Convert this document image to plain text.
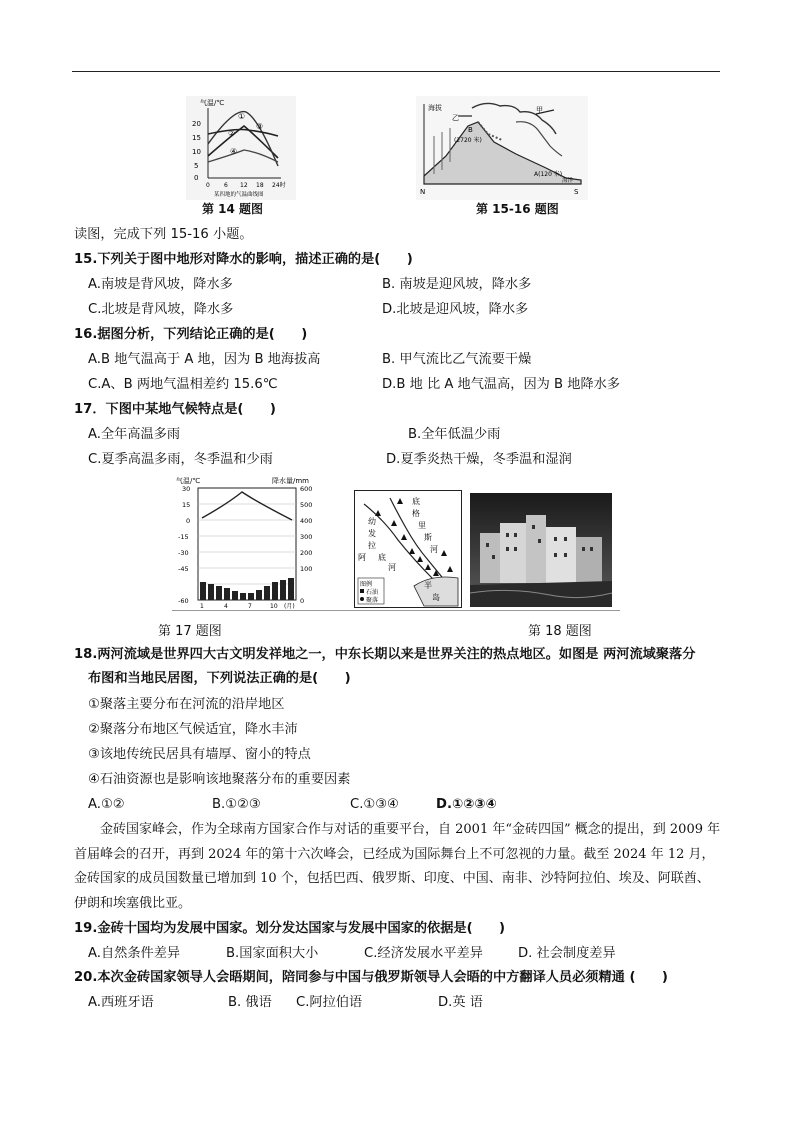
气温/℃
20
15
10
5
0
①
②
③
④
0 6 12 18 24时
某四地的气温曲线图
第 14 题图
海拔
乙
甲
B
(2720 米)
A(120 米)
海洋
N	S
第 15-16 题图
读图，完成下列 15-16 小题。
15.下列关于图中地形对降水的影响，描述正确的是(　　)
A.南坡是背风坡，降水多	B. 南坡是迎风坡，降水多
C.北坡是背风坡，降水多	D.北坡是迎风坡，降水多
16.据图分析，下列结论正确的是(　　)
A.B 地气温高于 A 地，因为 B 地海拔高	B. 甲气流比乙气流要干燥
C.A、B 两地气温相差约 15.6℃	D.B 地 比 A 地气温高，因为 B 地降水多
17．下图中某地气候特点是(　　)
A.全年高温多雨	B.全年低温少雨
C.夏季高温多雨，冬季温和少雨	D.夏季炎热干燥，冬季温和湿润
气温/℃	降水量/mm
30
15
0
-15
-30
-45
-60
600
500
400
300
200
100
0
1	4	7	10 (月)
幼
底
格
里
斯
河
发
拉
底
河
半
岛
阿
图例
石油
聚落
第 17 题图	第 18 题图
18.两河流域是世界四大古文明发祥地之一，中东长期以来是世界关注的热点地区。如图是 两河流域聚落分
布图和当地民居图，下列说法正确的是(　　)
①聚落主要分布在河流的沿岸地区
②聚落分布地区气候适宜，降水丰沛
③该地传统民居具有墙厚、窗小的特点
④石油资源也是影响该地聚落分布的重要因素
A.①②	B.①②③	C.①③④	D.①②③④
金砖国家峰会，作为全球南方国家合作与对话的重要平台，自 2001 年“金砖四国” 概念的提出，到 2009 年首届峰会的召开，再到 2024 年的第十六次峰会，已经成为国际舞台上不可忽视的力量。截至 2024 年 12 月，金砖国家的成员国数量已增加到 10 个，包括巴西、俄罗斯、印度、中国、南非、沙特阿拉伯、埃及、阿联酋、伊朗和埃塞俄比亚。
19.金砖十国均为发展中国家。划分发达国家与发展中国家的依据是(　　)
A.自然条件差异	B.国家面积大小	C.经济发展水平差异	D. 社会制度差异
20.本次金砖国家领导人会晤期间，陪同参与中国与俄罗斯领导人会晤的中方翻译人员必须精通 (　　)
A.西班牙语	B. 俄语 C.阿拉伯语	D.英 语
